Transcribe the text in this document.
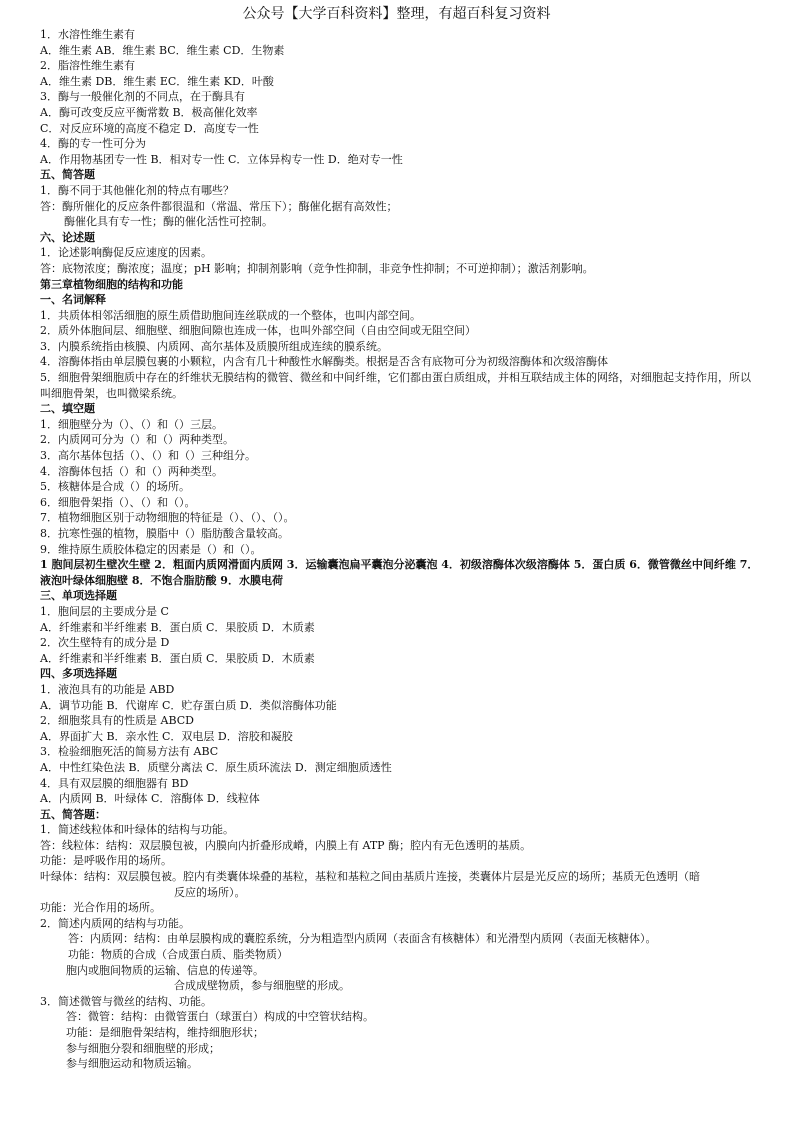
公众号【大学百科资料】整理，有超百科复习资料
1．水溶性维生素有
A．维生素 AB．维生素 BC．维生素 CD．生物素
2．脂溶性维生素有
A．维生素 DB．维生素 EC．维生素 KD．叶酸
3．酶与一般催化剂的不同点，在于酶具有
A．酶可改变反应平衡常数 B．极高催化效率
C．对反应环境的高度不稳定 D．高度专一性
4．酶的专一性可分为
A．作用物基团专一性 B．相对专一性 C．立体异构专一性 D．绝对专一性
五、简答题
1．酶不同于其他催化剂的特点有哪些？
答：酶所催化的反应条件都很温和（常温、常压下）；酶催化据有高效性；
酶催化具有专一性；酶的催化活性可控制。
六、论述题
1．论述影响酶促反应速度的因素。
答：底物浓度；酶浓度；温度；pH 影响；抑制剂影响（竞争性抑制，非竞争性抑制；不可逆抑制）；激活剂影响。
第三章植物细胞的结构和功能
一、名词解释
1．共质体相邻活细胞的原生质借助胞间连丝联成的一个整体，也叫内部空间。
2．质外体胞间层、细胞壁、细胞间隙也连成一体，也叫外部空间（自由空间或无阻空间）
3．内膜系统指由核膜、内质网、高尔基体及质膜所组成连续的膜系统。
4．溶酶体指由单层膜包裹的小颗粒，内含有几十种酸性水解酶类。根据是否含有底物可分为初级溶酶体和次级溶酶体
5．细胞骨架细胞质中存在的纤维状无膜结构的微管、微丝和中间纤维，它们都由蛋白质组成，并相互联结成主体的网络，对细胞起支持作用，所以叫细胞骨架，也叫微梁系统。
二、填空题
1．细胞壁分为（）、（）和（）三层。
2．内质网可分为（）和（）两种类型。
3．高尔基体包括（）、（）和（）三种组分。
4．溶酶体包括（）和（）两种类型。
5．核糖体是合成（）的场所。
6．细胞骨架指（）、（）和（）。
7．植物细胞区别于动物细胞的特征是（）、（）、（）。
8．抗寒性强的植物，膜脂中（）脂肪酸含量较高。
9．维持原生质胶体稳定的因素是（）和（）。
1 胞间层初生壁次生壁 2．粗面内质网滑面内质网 3．运输囊泡扁平囊泡分泌囊泡 4．初级溶酶体次级溶酶体 5．蛋白质 6．微管微丝中间纤维 7．液泡叶绿体细胞壁 8．不饱合脂肪酸 9．水膜电荷
三、单项选择题
1．胞间层的主要成分是 C
A．纤维素和半纤维素 B．蛋白质 C．果胶质 D．木质素
2．次生壁特有的成分是 D
A．纤维素和半纤维素 B．蛋白质 C．果胶质 D．木质素
四、多项选择题
1．液泡具有的功能是 ABD
A．调节功能 B．代谢库 C．贮存蛋白质 D．类似溶酶体功能
2．细胞浆具有的性质是 ABCD
A．界面扩大 B．亲水性 C．双电层 D．溶胶和凝胶
3．检验细胞死活的简易方法有 ABC
A．中性红染色法 B．质壁分离法 C．原生质环流法 D．测定细胞质透性
4．具有双层膜的细胞器有 BD
A．内质网 B．叶绿体 C．溶酶体 D．线粒体
五、简答题：
1．简述线粒体和叶绿体的结构与功能。
答：线粒体：结构：双层膜包被，内膜向内折叠形成嵴，内膜上有 ATP 酶；腔内有无色透明的基质。
功能：是呼吸作用的场所。
叶绿体：结构：双层膜包被。腔内有类囊体垛叠的基粒，基粒和基粒之间由基质片连接，类囊体片层是光反应的场所；基质无色透明（暗
反应的场所）。
功能：光合作用的场所。
2．简述内质网的结构与功能。
答：内质网：结构：由单层膜构成的囊腔系统，分为粗造型内质网（表面含有核糖体）和光滑型内质网（表面无核糖体）。
功能：物质的合成（合成蛋白质、脂类物质）
胞内或胞间物质的运输、信息的传递等。
合成成壁物质，参与细胞壁的形成。
3．简述微管与微丝的结构、功能。
答：微管：结构：由微管蛋白（球蛋白）构成的中空管状结构。
功能：是细胞骨架结构，维持细胞形状；
参与细胞分裂和细胞壁的形成；
参与细胞运动和物质运输。
